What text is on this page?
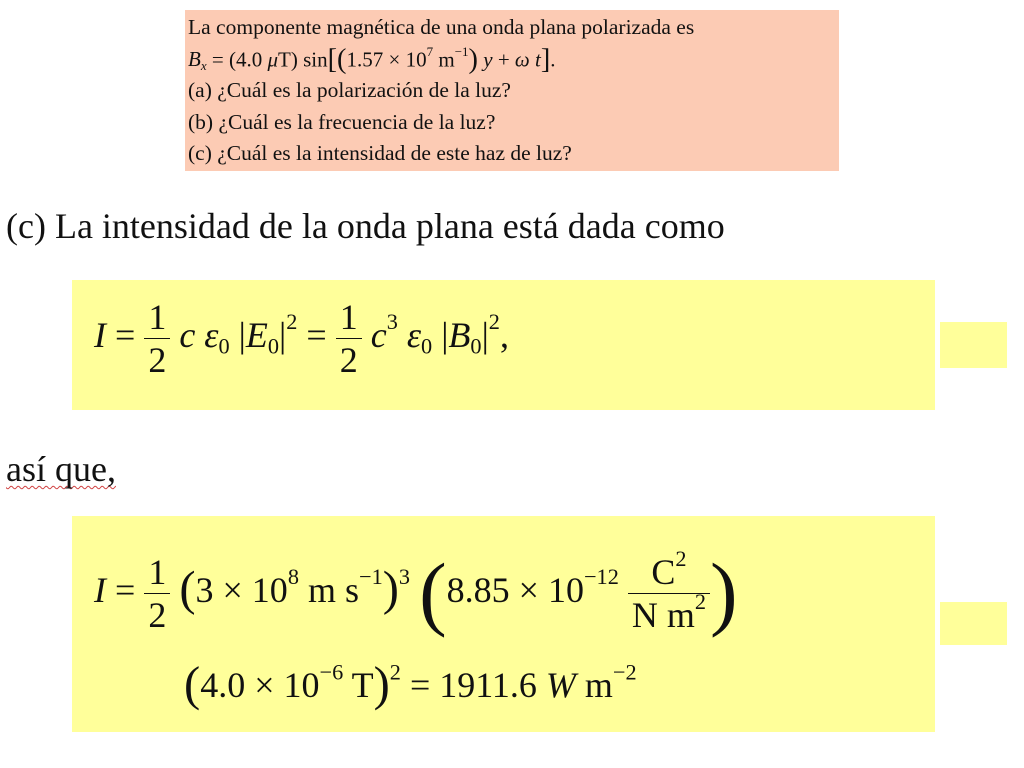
La componente magnética de una onda plana polarizada es
$B_x = (4.0$ μT) $\sin[(1.57 \times 10^7$ $m^{-1}$) y + ω t].
(a) ¿Cuál es la polarización de la luz?
(b) ¿Cuál es la frecuencia de la luz?
(c) ¿Cuál es la intensidad de este haz de luz?
(c) La intensidad de la onda plana está dada como
$I = \frac{1}{2}$ c $\varepsilon_0$ $|E_0|^2 = \frac{1}{2} c^3$ $\varepsilon_0$ $|B_0|^2$,
así que,
$I = \frac{1}{2} (3 \times 10^8$ m $s^{-1})^3$ ($8.85 \times 10^{-12} \frac{C^2}{N m^2}$ )
($4.0 \times 10^{-6}$ T)$^2$ = 1911.6 W $m^{-2}$
